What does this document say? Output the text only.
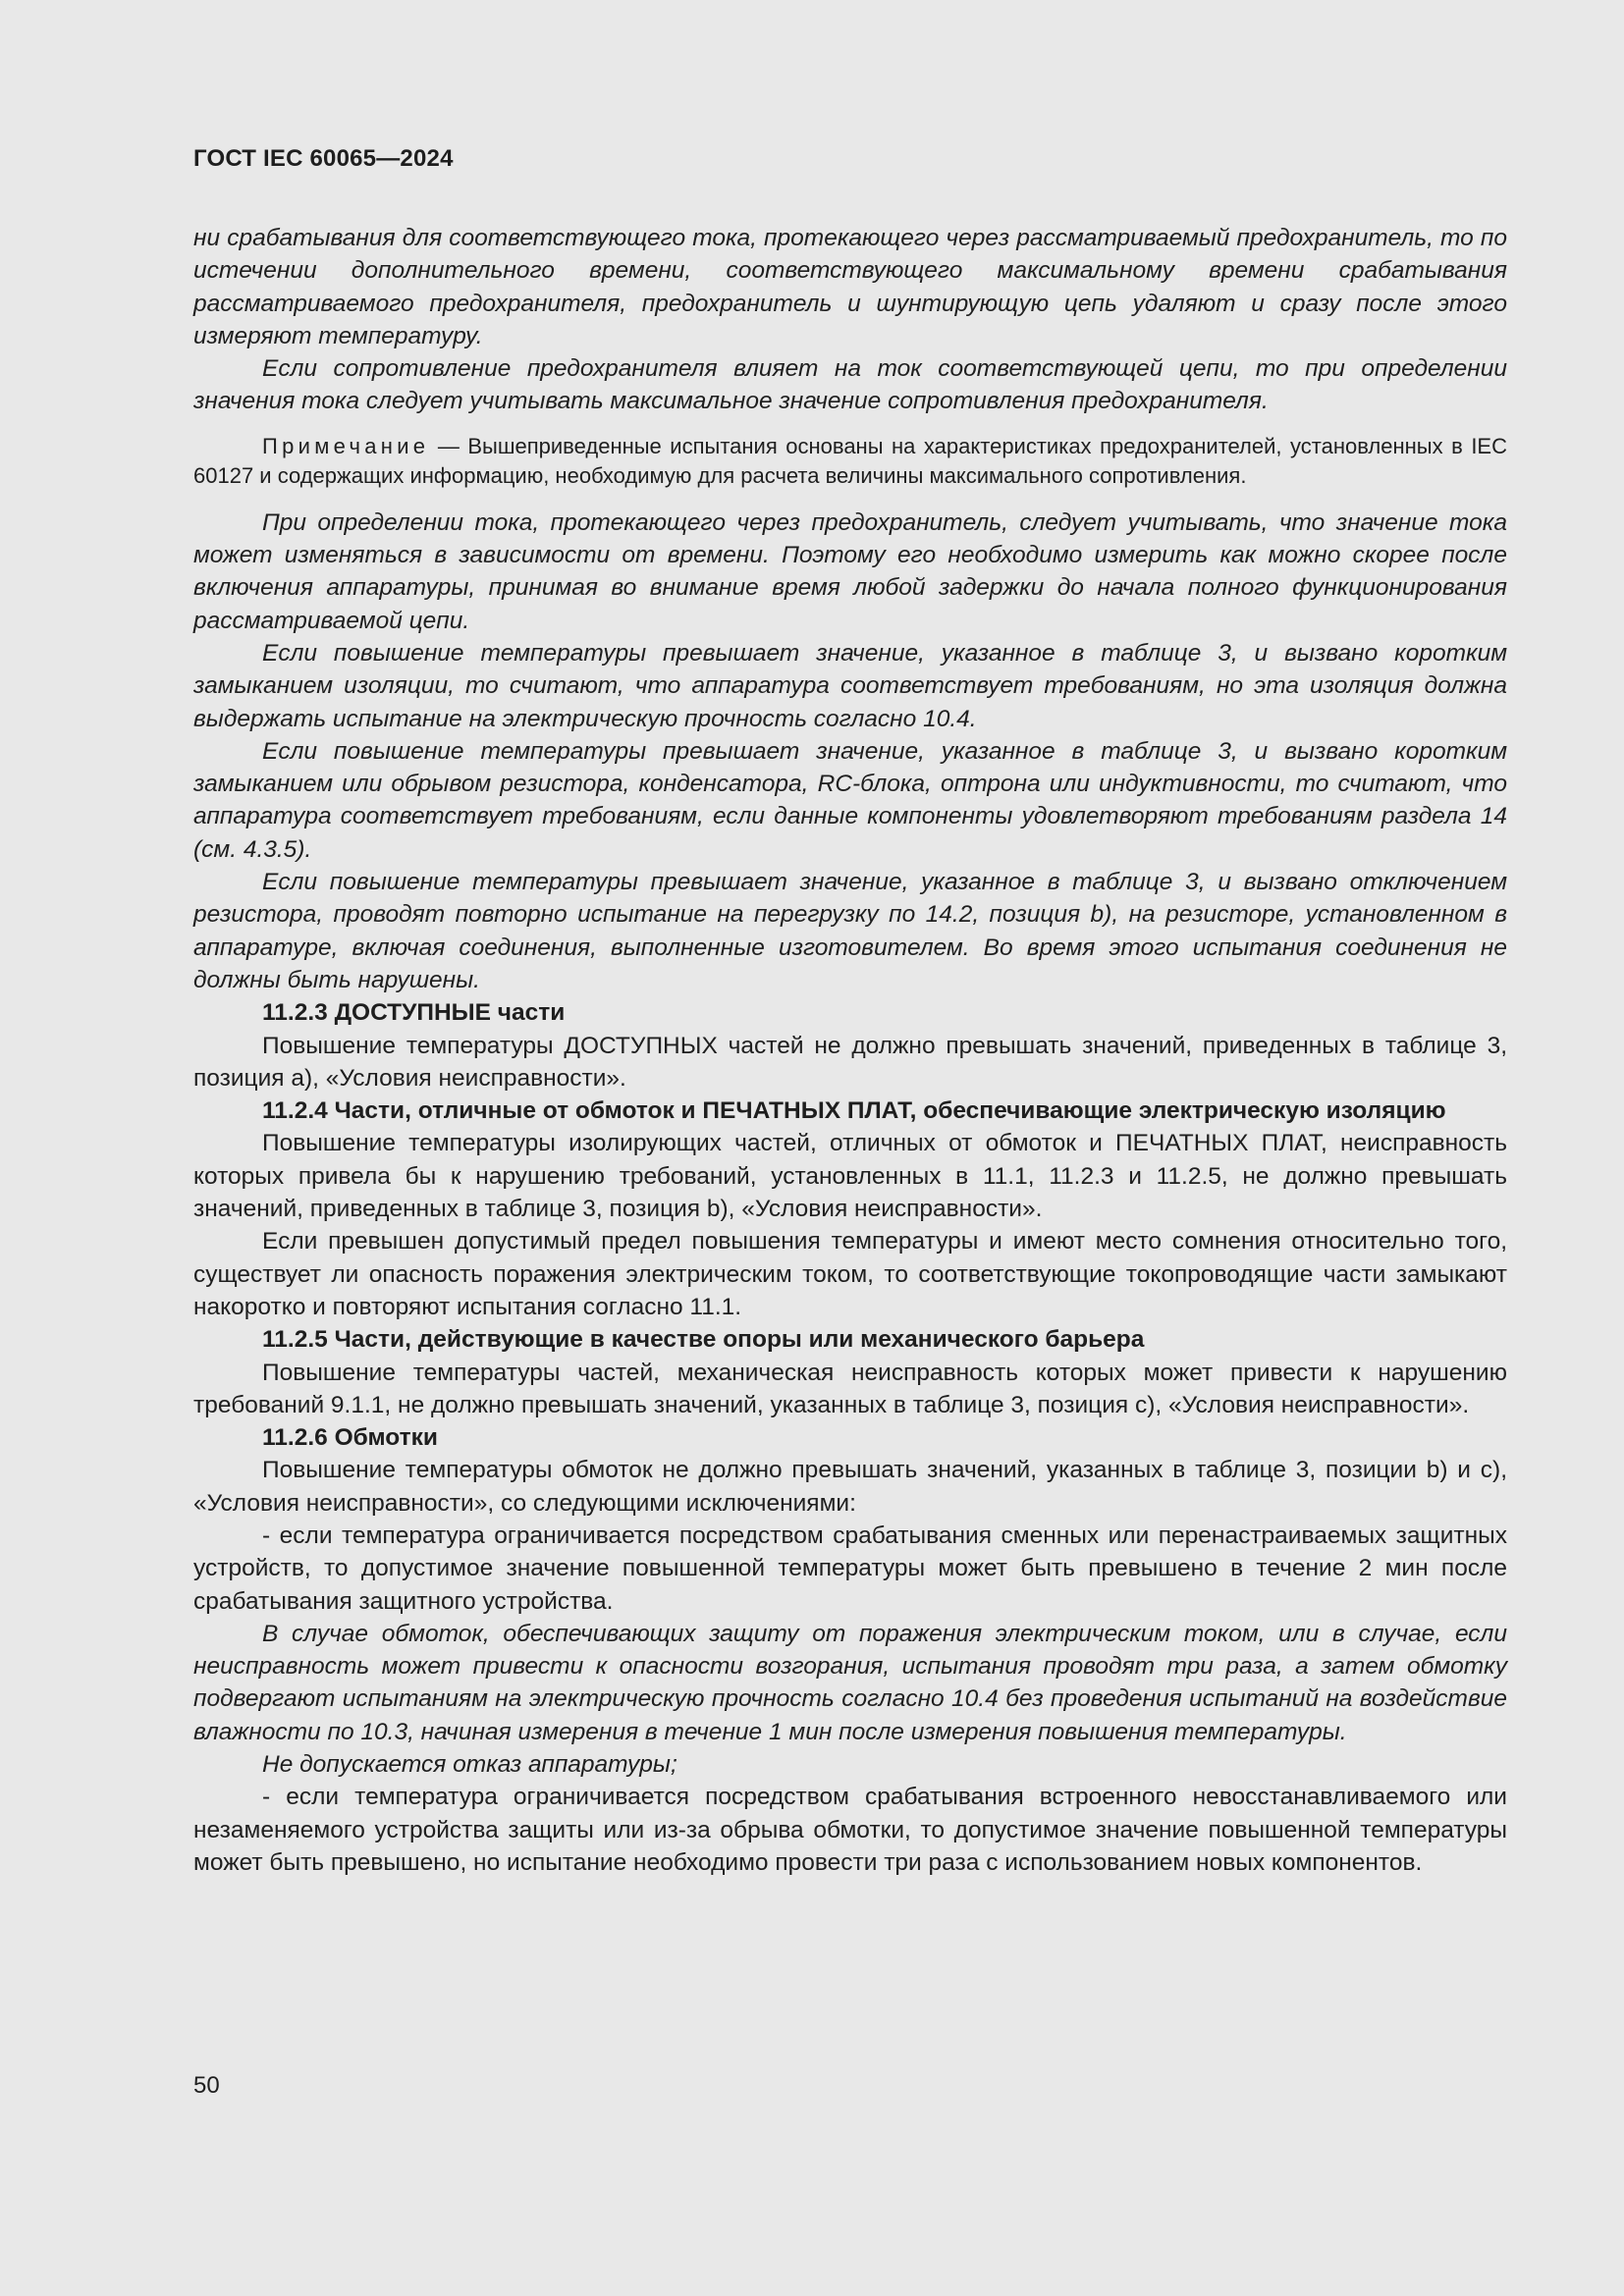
ГОСТ IEC 60065—2024

ни срабатывания для соответствующего тока, протекающего через рассматриваемый предохранитель, то по истечении дополнительного времени, соответствующего максимальному времени срабатывания рассматриваемого предохранителя, предохранитель и шунтирующую цепь удаляют и сразу после этого измеряют температуру.

Если сопротивление предохранителя влияет на ток соответствующей цепи, то при определении значения тока следует учитывать максимальное значение сопротивления предохранителя.

Примечание — Вышеприведенные испытания основаны на характеристиках предохранителей, установленных в IEC 60127 и содержащих информацию, необходимую для расчета величины максимального сопротивления.

При определении тока, протекающего через предохранитель, следует учитывать, что значение тока может изменяться в зависимости от времени. Поэтому его необходимо измерить как можно скорее после включения аппаратуры, принимая во внимание время любой задержки до начала полного функционирования рассматриваемой цепи.

Если повышение температуры превышает значение, указанное в таблице 3, и вызвано коротким замыканием изоляции, то считают, что аппаратура соответствует требованиям, но эта изоляция должна выдержать испытание на электрическую прочность согласно 10.4.

Если повышение температуры превышает значение, указанное в таблице 3, и вызвано коротким замыканием или обрывом резистора, конденсатора, RC-блока, оптрона или индуктивности, то считают, что аппаратура соответствует требованиям, если данные компоненты удовлетворяют требованиям раздела 14 (см. 4.3.5).

Если повышение температуры превышает значение, указанное в таблице 3, и вызвано отключением резистора, проводят повторно испытание на перегрузку по 14.2, позиция b), на резисторе, установленном в аппаратуре, включая соединения, выполненные изготовителем. Во время этого испытания соединения не должны быть нарушены.

11.2.3 ДОСТУПНЫЕ части

Повышение температуры ДОСТУПНЫХ частей не должно превышать значений, приведенных в таблице 3, позиция a), «Условия неисправности».

11.2.4 Части, отличные от обмоток и ПЕЧАТНЫХ ПЛАТ, обеспечивающие электрическую изоляцию

Повышение температуры изолирующих частей, отличных от обмоток и ПЕЧАТНЫХ ПЛАТ, неисправность которых привела бы к нарушению требований, установленных в 11.1, 11.2.3 и 11.2.5, не должно превышать значений, приведенных в таблице 3, позиция b), «Условия неисправности».

Если превышен допустимый предел повышения температуры и имеют место сомнения относительно того, существует ли опасность поражения электрическим током, то соответствующие токопроводящие части замыкают накоротко и повторяют испытания согласно 11.1.

11.2.5 Части, действующие в качестве опоры или механического барьера

Повышение температуры частей, механическая неисправность которых может привести к нарушению требований 9.1.1, не должно превышать значений, указанных в таблице 3, позиция c), «Условия неисправности».

11.2.6 Обмотки

Повышение температуры обмоток не должно превышать значений, указанных в таблице 3, позиции b) и c), «Условия неисправности», со следующими исключениями:

- если температура ограничивается посредством срабатывания сменных или перенастраиваемых защитных устройств, то допустимое значение повышенной температуры может быть превышено в течение 2 мин после срабатывания защитного устройства.

В случае обмоток, обеспечивающих защиту от поражения электрическим током, или в случае, если неисправность может привести к опасности возгорания, испытания проводят три раза, а затем обмотку подвергают испытаниям на электрическую прочность согласно 10.4 без проведения испытаний на воздействие влажности по 10.3, начиная измерения в течение 1 мин после измерения повышения температуры.

Не допускается отказ аппаратуры;

- если температура ограничивается посредством срабатывания встроенного невосстанавливаемого или незаменяемого устройства защиты или из-за обрыва обмотки, то допустимое значение повышенной температуры может быть превышено, но испытание необходимо провести три раза с использованием новых компонентов.

50
